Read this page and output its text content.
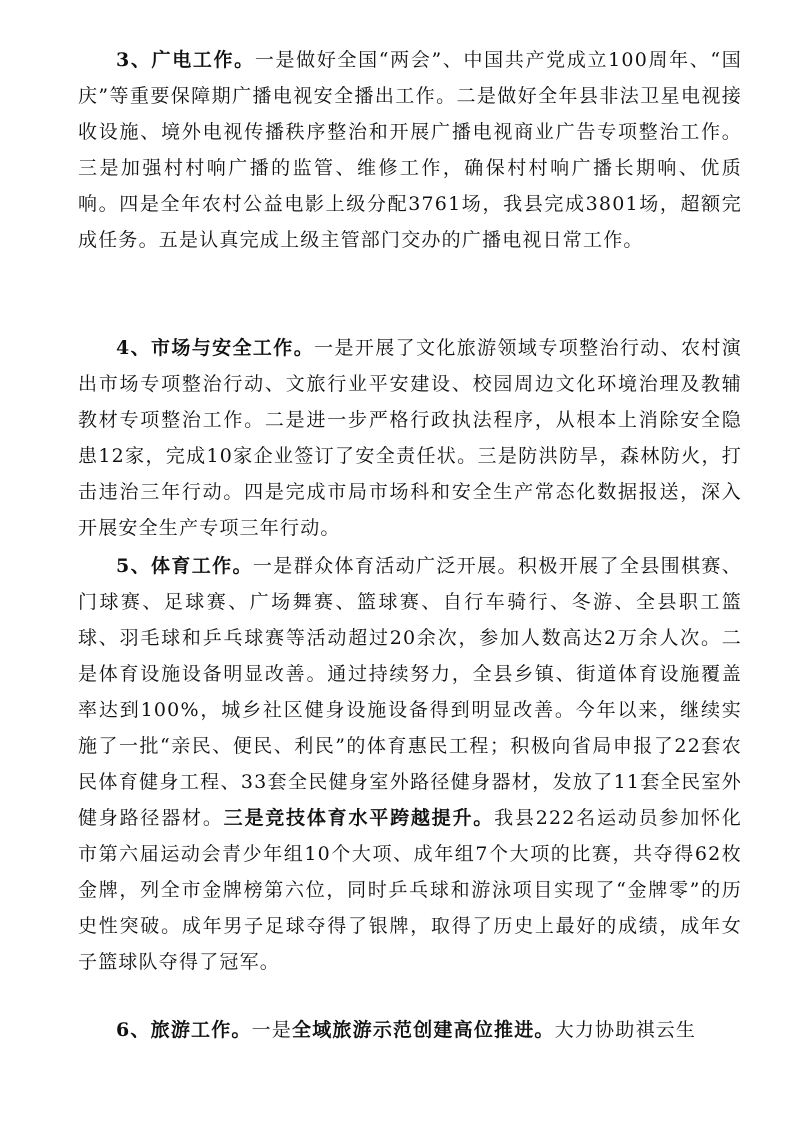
3、广电工作。一是做好全国“两会”、中国共产党成立100周年、“国庆”等重要保障期广播电视安全播出工作。二是做好全年县非法卫星电视接收设施、境外电视传播秩序整治和开展广播电视商业广告专项整治工作。三是加强村村响广播的监管、维修工作，确保村村响广播长期响、优质响。四是全年农村公益电影上级分配3761场，我县完成3801场，超额完成任务。五是认真完成上级主管部门交办的广播电视日常工作。

4、市场与安全工作。一是开展了文化旅游领域专项整治行动、农村演出市场专项整治行动、文旅行业平安建设、校园周边文化环境治理及教辅教材专项整治工作。二是进一步严格行政执法程序，从根本上消除安全隐患12家，完成10家企业签订了安全责任状。三是防洪防旱，森林防火，打击违治三年行动。四是完成市局市场科和安全生产常态化数据报送，深入开展安全生产专项三年行动。

5、体育工作。一是群众体育活动广泛开展。积极开展了全县围棋赛、门球赛、足球赛、广场舞赛、篮球赛、自行车骑行、冬游、全县职工篮球、羽毛球和乒乓球赛等活动超过20余次，参加人数高达2万余人次。二是体育设施设备明显改善。通过持续努力，全县乡镇、街道体育设施覆盖率达到100%，城乡社区健身设施设备得到明显改善。今年以来，继续实施了一批“亲民、便民、利民”的体育惠民工程；积极向省局申报了22套农民体育健身工程、33套全民健身室外路径健身器材，发放了11套全民室外健身路径器材。三是竞技体育水平跨越提升。我县222名运动员参加怀化市第六届运动会青少年组10个大项、成年组7个大项的比赛，共夺得62枚金牌，列全市金牌榜第六位，同时乒乓球和游泳项目实现了“金牌零”的历史性突破。成年男子足球夺得了银牌，取得了历史上最好的成绩，成年女子篮球队夺得了冠军。

6、旅游工作。一是全域旅游示范创建高位推进。大力协助祺云生
